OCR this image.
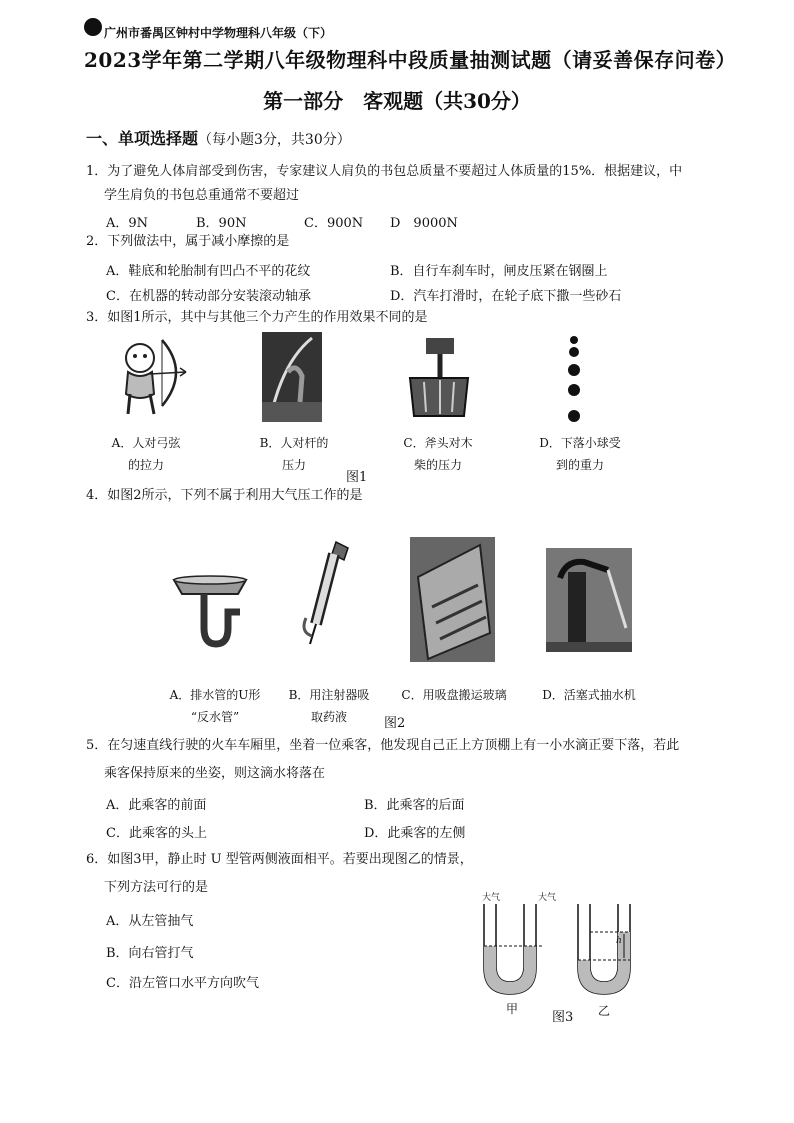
广州市番禺区钟村中学物理科八年级（下）
2023学年第二学期八年级物理科中段质量抽测试题（请妥善保存问卷）
第一部分　客观题（共30分）
一、单项选择题（每小题3分，共30分）
1．为了避免人体肩部受到伤害，专家建议人肩负的书包总质量不要超过人体质量的15%．根据建议，中
学生肩负的书包总重通常不要超过
A．9N	B．90N	C．900N D　9000N
2．下列做法中，属于减小摩擦的是
A．鞋底和轮胎制有凹凸不平的花纹	B．自行车刹车时，闸皮压紧在钢圈上
C．在机器的转动部分安装滚动轴承	D．汽车打滑时，在轮子底下撒一些砂石
3．如图1所示，其中与其他三个力产生的作用效果不同的是
A．人对弓弦
的拉力
B．人对杆的
压力
C．斧头对木
柴的压力
D．下落小球受
到的重力
图1
4．如图2所示，下列不属于利用大气压工作的是
A．排水管的U形
“反水管”
B．用注射器吸
取药液
C．用吸盘搬运玻璃	D．活塞式抽水机
图2
5．在匀速直线行驶的火车车厢里，坐着一位乘客，他发现自己正上方顶棚上有一小水滴正要下落，若此
乘客保持原来的坐姿，则这滴水将落在
A．此乘客的前面	B．此乘客的后面
C．此乘客的头上	D．此乘客的左侧
6．如图3甲，静止时 U 型管两侧液面相平。若要出现图乙的情景，
下列方法可行的是
A．从左管抽气
B．向右管打气
C．沿左管口水平方向吹气
大气	大气
h
甲	乙
图3
